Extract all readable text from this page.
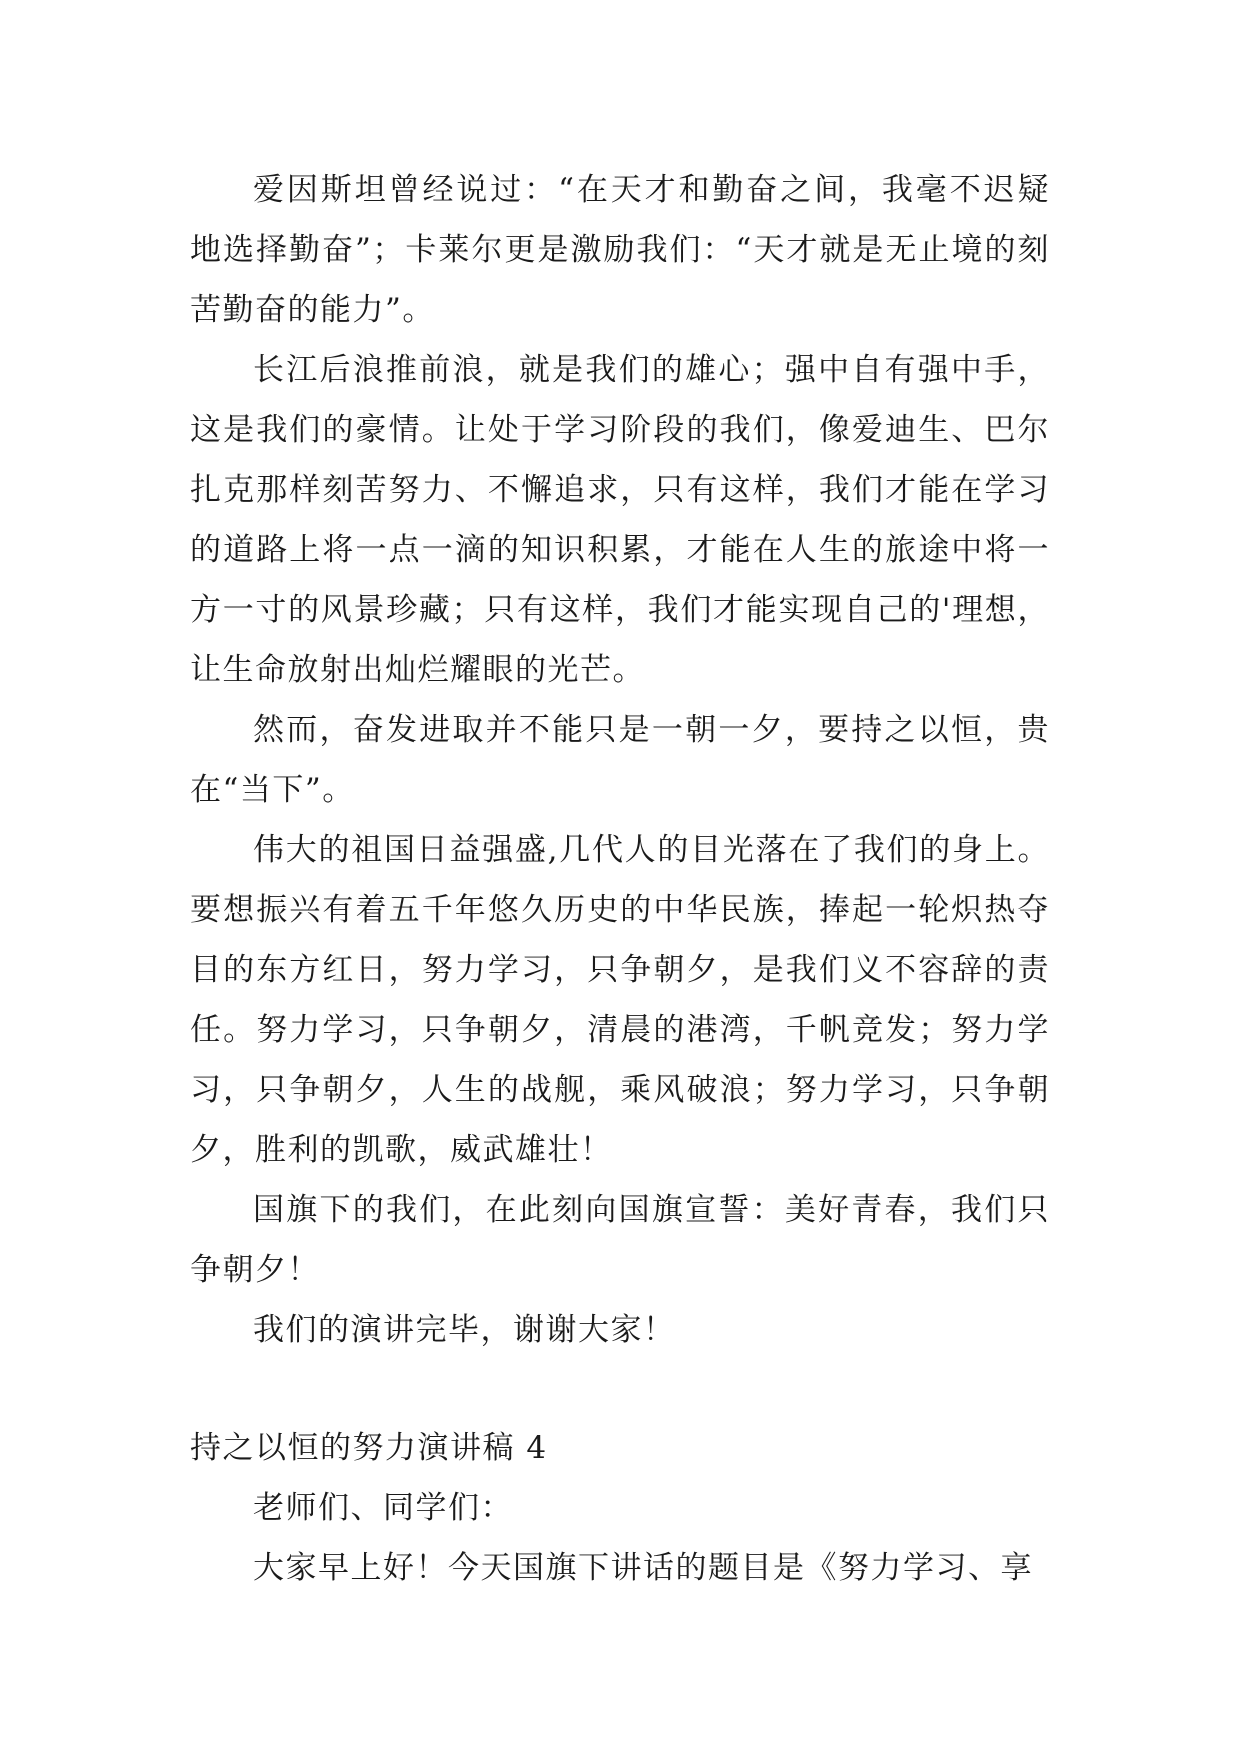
爱因斯坦曾经说过：“在天才和勤奋之间，我毫不迟疑地选择勤奋”；卡莱尔更是激励我们：“天才就是无止境的刻苦勤奋的能力”。

长江后浪推前浪，就是我们的雄心；强中自有强中手，这是我们的豪情。让处于学习阶段的我们，像爱迪生、巴尔扎克那样刻苦努力、不懈追求，只有这样，我们才能在学习的道路上将一点一滴的知识积累，才能在人生的旅途中将一方一寸的风景珍藏；只有这样，我们才能实现自己的'理想，让生命放射出灿烂耀眼的光芒。

然而，奋发进取并不能只是一朝一夕，要持之以恒，贵在“当下”。

伟大的祖国日益强盛,几代人的目光落在了我们的身上。要想振兴有着五千年悠久历史的中华民族，捧起一轮炽热夺目的东方红日，努力学习，只争朝夕，是我们义不容辞的责任。努力学习，只争朝夕，清晨的港湾，千帆竞发；努力学习，只争朝夕，人生的战舰，乘风破浪；努力学习，只争朝夕，胜利的凯歌，威武雄壮！

国旗下的我们，在此刻向国旗宣誓：美好青春，我们只争朝夕！

我们的演讲完毕，谢谢大家！

持之以恒的努力演讲稿 4

老师们、同学们：

大家早上好！今天国旗下讲话的题目是《努力学习、享
